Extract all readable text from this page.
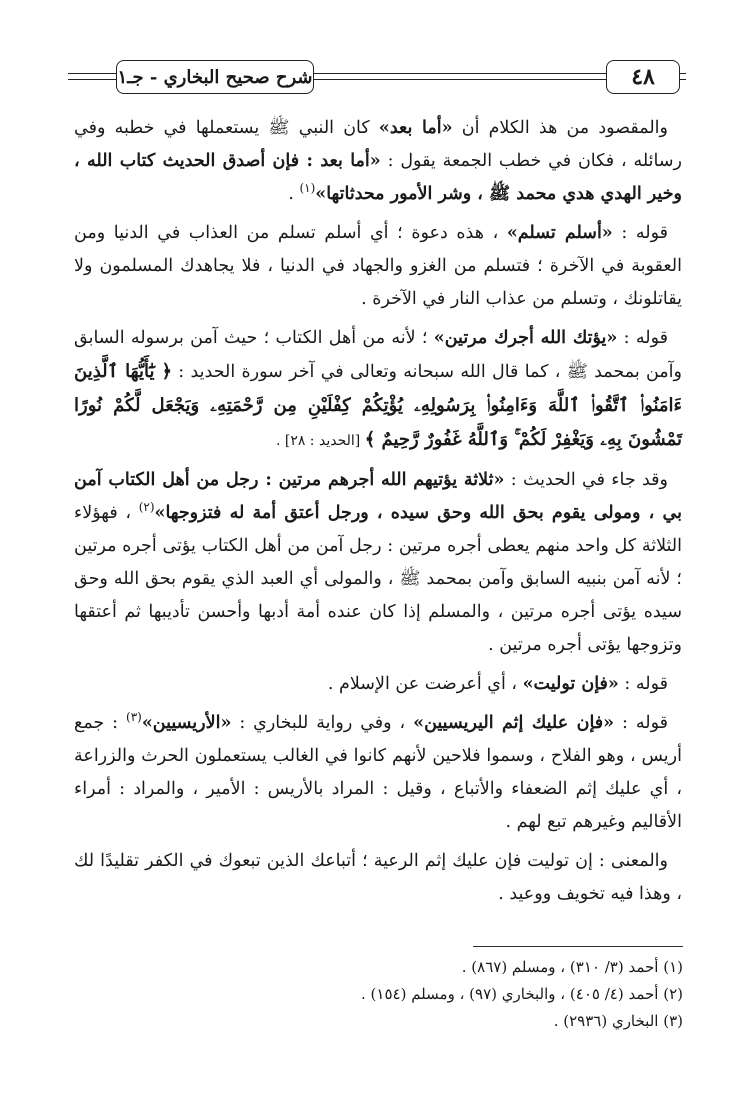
٤٨
شرح صحيح البخاري - جـ١

والمقصود من هذ الكلام أن «أما بعد» كان النبي ﷺ يستعملها في خطبه وفي رسائله ، فكان في خطب الجمعة يقول : «أما بعد : فإن أصدق الحديث كتاب الله ، وخير الهدي هدي محمد ﷺ ، وشر الأمور محدثاتها»$^{(١)}$ .

قوله : «أسلم تسلم» ، هذه دعوة ؛ أي أسلم تسلم من العذاب في الدنيا ومن العقوبة في الآخرة ؛ فتسلم من الغزو والجهاد في الدنيا ، فلا يجاهدك المسلمون ولا يقاتلونك ، وتسلم من عذاب النار في الآخرة .

قوله : «يؤتك الله أجرك مرتين» ؛ لأنه من أهل الكتاب ؛ حيث آمن برسوله السابق وآمن بمحمد ﷺ ، كما قال الله سبحانه وتعالى في آخر سورة الحديد : ﴿ يَٰٓأَيُّهَا ٱلَّذِينَ ءَامَنُوا۟ ٱتَّقُوا۟ ٱللَّهَ وَءَامِنُوا۟ بِرَسُولِهِۦ يُؤْتِكُمْ كِفْلَيْنِ مِن رَّحْمَتِهِۦ وَيَجْعَل لَّكُمْ نُورًا تَمْشُونَ بِهِۦ وَيَغْفِرْ لَكُمْ ۚ وَٱللَّهُ غَفُورٌ رَّحِيمٌ ﴾ [الحديد : ٢٨] .

وقد جاء في الحديث : «ثلاثة يؤتيهم الله أجرهم مرتين : رجل من أهل الكتاب آمن بي ، ومولى يقوم بحق الله وحق سيده ، ورجل أعتق أمة له فتزوجها»$^{(٢)}$ ، فهؤلاء الثلاثة كل واحد منهم يعطى أجره مرتين : رجل آمن من أهل الكتاب يؤتى أجره مرتين ؛ لأنه آمن بنبيه السابق وآمن بمحمد ﷺ ، والمولى أي العبد الذي يقوم بحق الله وحق سيده يؤتى أجره مرتين ، والمسلم إذا كان عنده أمة أدبها وأحسن تأديبها ثم أعتقها وتزوجها يؤتى أجره مرتين .

قوله : «فإن توليت» ، أي أعرضت عن الإسلام .

قوله : «فإن عليك إثم اليريسيين» ، وفي رواية للبخاري : «الأريسيين»$^{(٣)}$ : جمع أريس ، وهو الفلاح ، وسموا فلاحين لأنهم كانوا في الغالب يستعملون الحرث والزراعة ، أي عليك إثم الضعفاء والأتباع ، وقيل : المراد بالأريس : الأمير ، والمراد : أمراء الأقاليم وغيرهم تبع لهم .

والمعنى : إن توليت فإن عليك إثم الرعية ؛ أتباعك الذين تبعوك في الكفر تقليدًا لك ، وهذا فيه تخويف ووعيد .

(١) أحمد (٣/ ٣١٠) ، ومسلم (٨٦٧) .

(٢) أحمد (٤/ ٤٠٥) ، والبخاري (٩٧) ، ومسلم (١٥٤) .

(٣) البخاري (٢٩٣٦) .
